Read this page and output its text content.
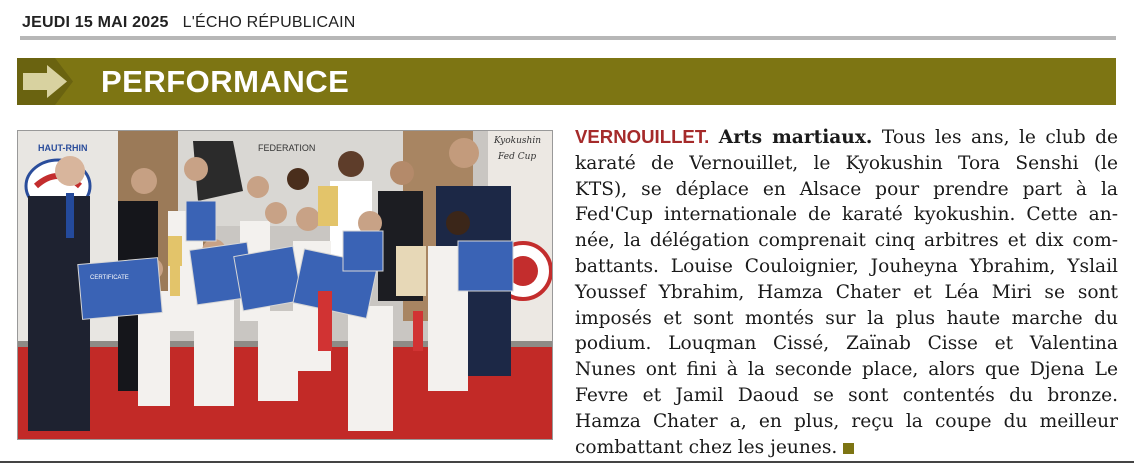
JEUDI 15 MAI 2025 L'ÉCHO RÉPUBLICAIN
PERFORMANCE
HAUT-RHIN	FEDERATION
Kyokushin
Fed Cup
CERTIFICATE
VERNOUILLET. Arts martiaux. Tous les ans, le club de
karaté de Vernouillet, le Kyokushin Tora Senshi (le
KTS), se déplace en Alsace pour prendre part à la
Fed'Cup internationale de karaté kyokushin. Cette an-
née, la délégation comprenait cinq arbitres et dix com-
battants. Louise Couloignier, Jouheyna Ybrahim, Yslail
Youssef Ybrahim, Hamza Chater et Léa Miri se sont
imposés et sont montés sur la plus haute marche du
podium. Louqman Cissé, Zaïnab Cisse et Valentina
Nunes ont fini à la seconde place, alors que Djena Le
Fevre et Jamil Daoud se sont contentés du bronze.
Hamza Chater a, en plus, reçu la coupe du meilleur
combattant chez les jeunes.
